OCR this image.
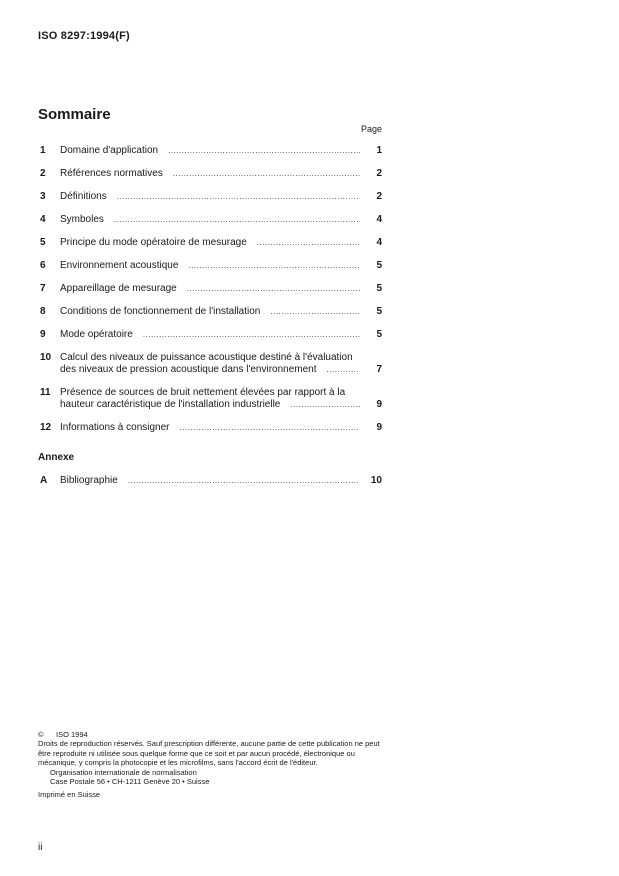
ISO 8297:1994(F)
Sommaire
Page
1	Domaine d'application .....	1
2	Références normatives .....	2
3	Définitions .....	2
4	Symboles .....	4
5	Principe du mode opératoire de mesurage .....	4
6	Environnement acoustique .....	5
7	Appareillage de mesurage .....	5
8	Conditions de fonctionnement de l'installation .....	5
9	Mode opératoire .....	5
10 Calcul des niveaux de puissance acoustique destiné à l'évaluation
des niveaux de pression acoustique dans l'environnement .....	7
11 Présence de sources de bruit nettement élevées par rapport à la
hauteur caractéristique de l'installation industrielle .....	9
12 Informations à consigner .....	9
Annexe
A	Bibliographie .....	10

© ISO 1994

Droits de reproduction réservés. Sauf prescription différente, aucune partie de cette publication ne peut être reproduite ni utilisée sous quelque forme que ce soit et par aucun procédé, électronique ou mécanique, y compris la photocopie et les microfilms, sans l'accord écrit de l'éditeur.

Organisation internationale de normalisation

Case Postale 56 • CH-1211 Genève 20 • Suisse

Imprimé en Suisse

ii
